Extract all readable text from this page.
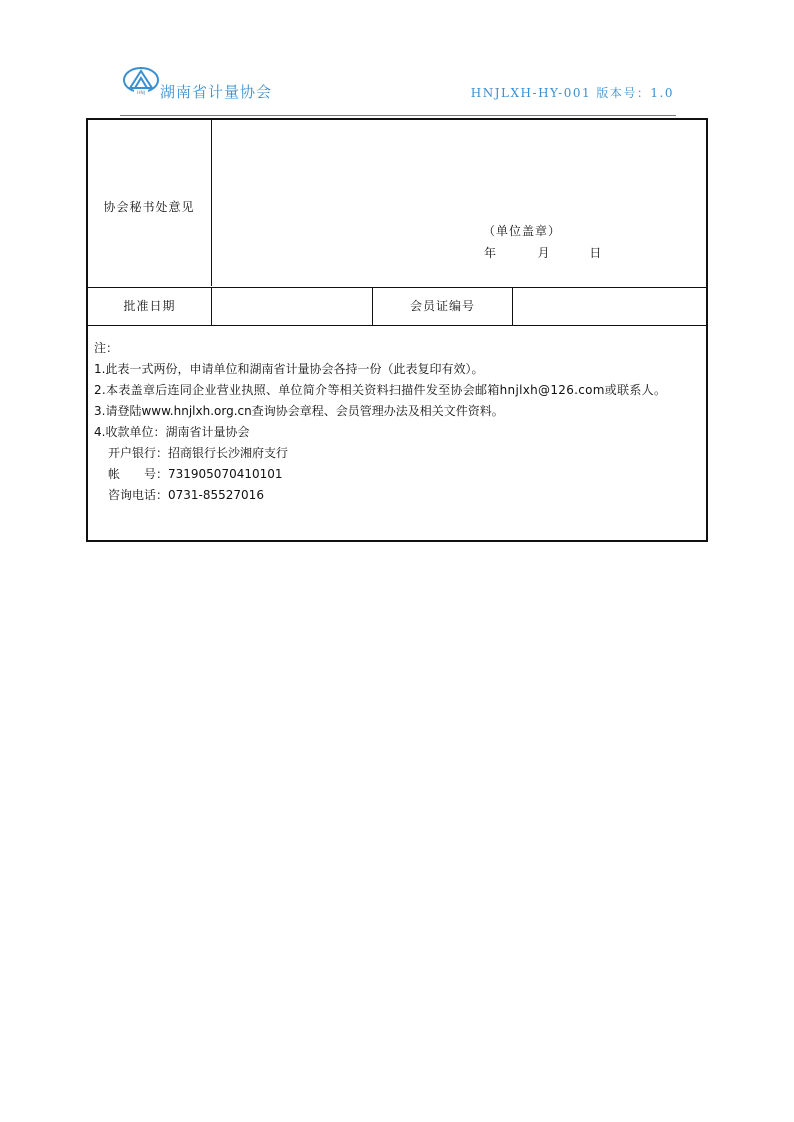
HNJ 湖南省计量协会	HNJLXH-HY-001 版本号：1.0
协会秘书处意见
（单位盖章）
年	月	日
批准日期	会员证编号
注：
1.此表一式两份，申请单位和湖南省计量协会各持一份（此表复印有效）。
2.本表盖章后连同企业营业执照、单位简介等相关资料扫描件发至协会邮箱hnjlxh@126.com或联系人。
3.请登陆www.hnjlxh.org.cn查询协会章程、会员管理办法及相关文件资料。
4.收款单位：湖南省计量协会
开户银行：招商银行长沙湘府支行
帐　　号：731905070410101
咨询电话：0731-85527016
